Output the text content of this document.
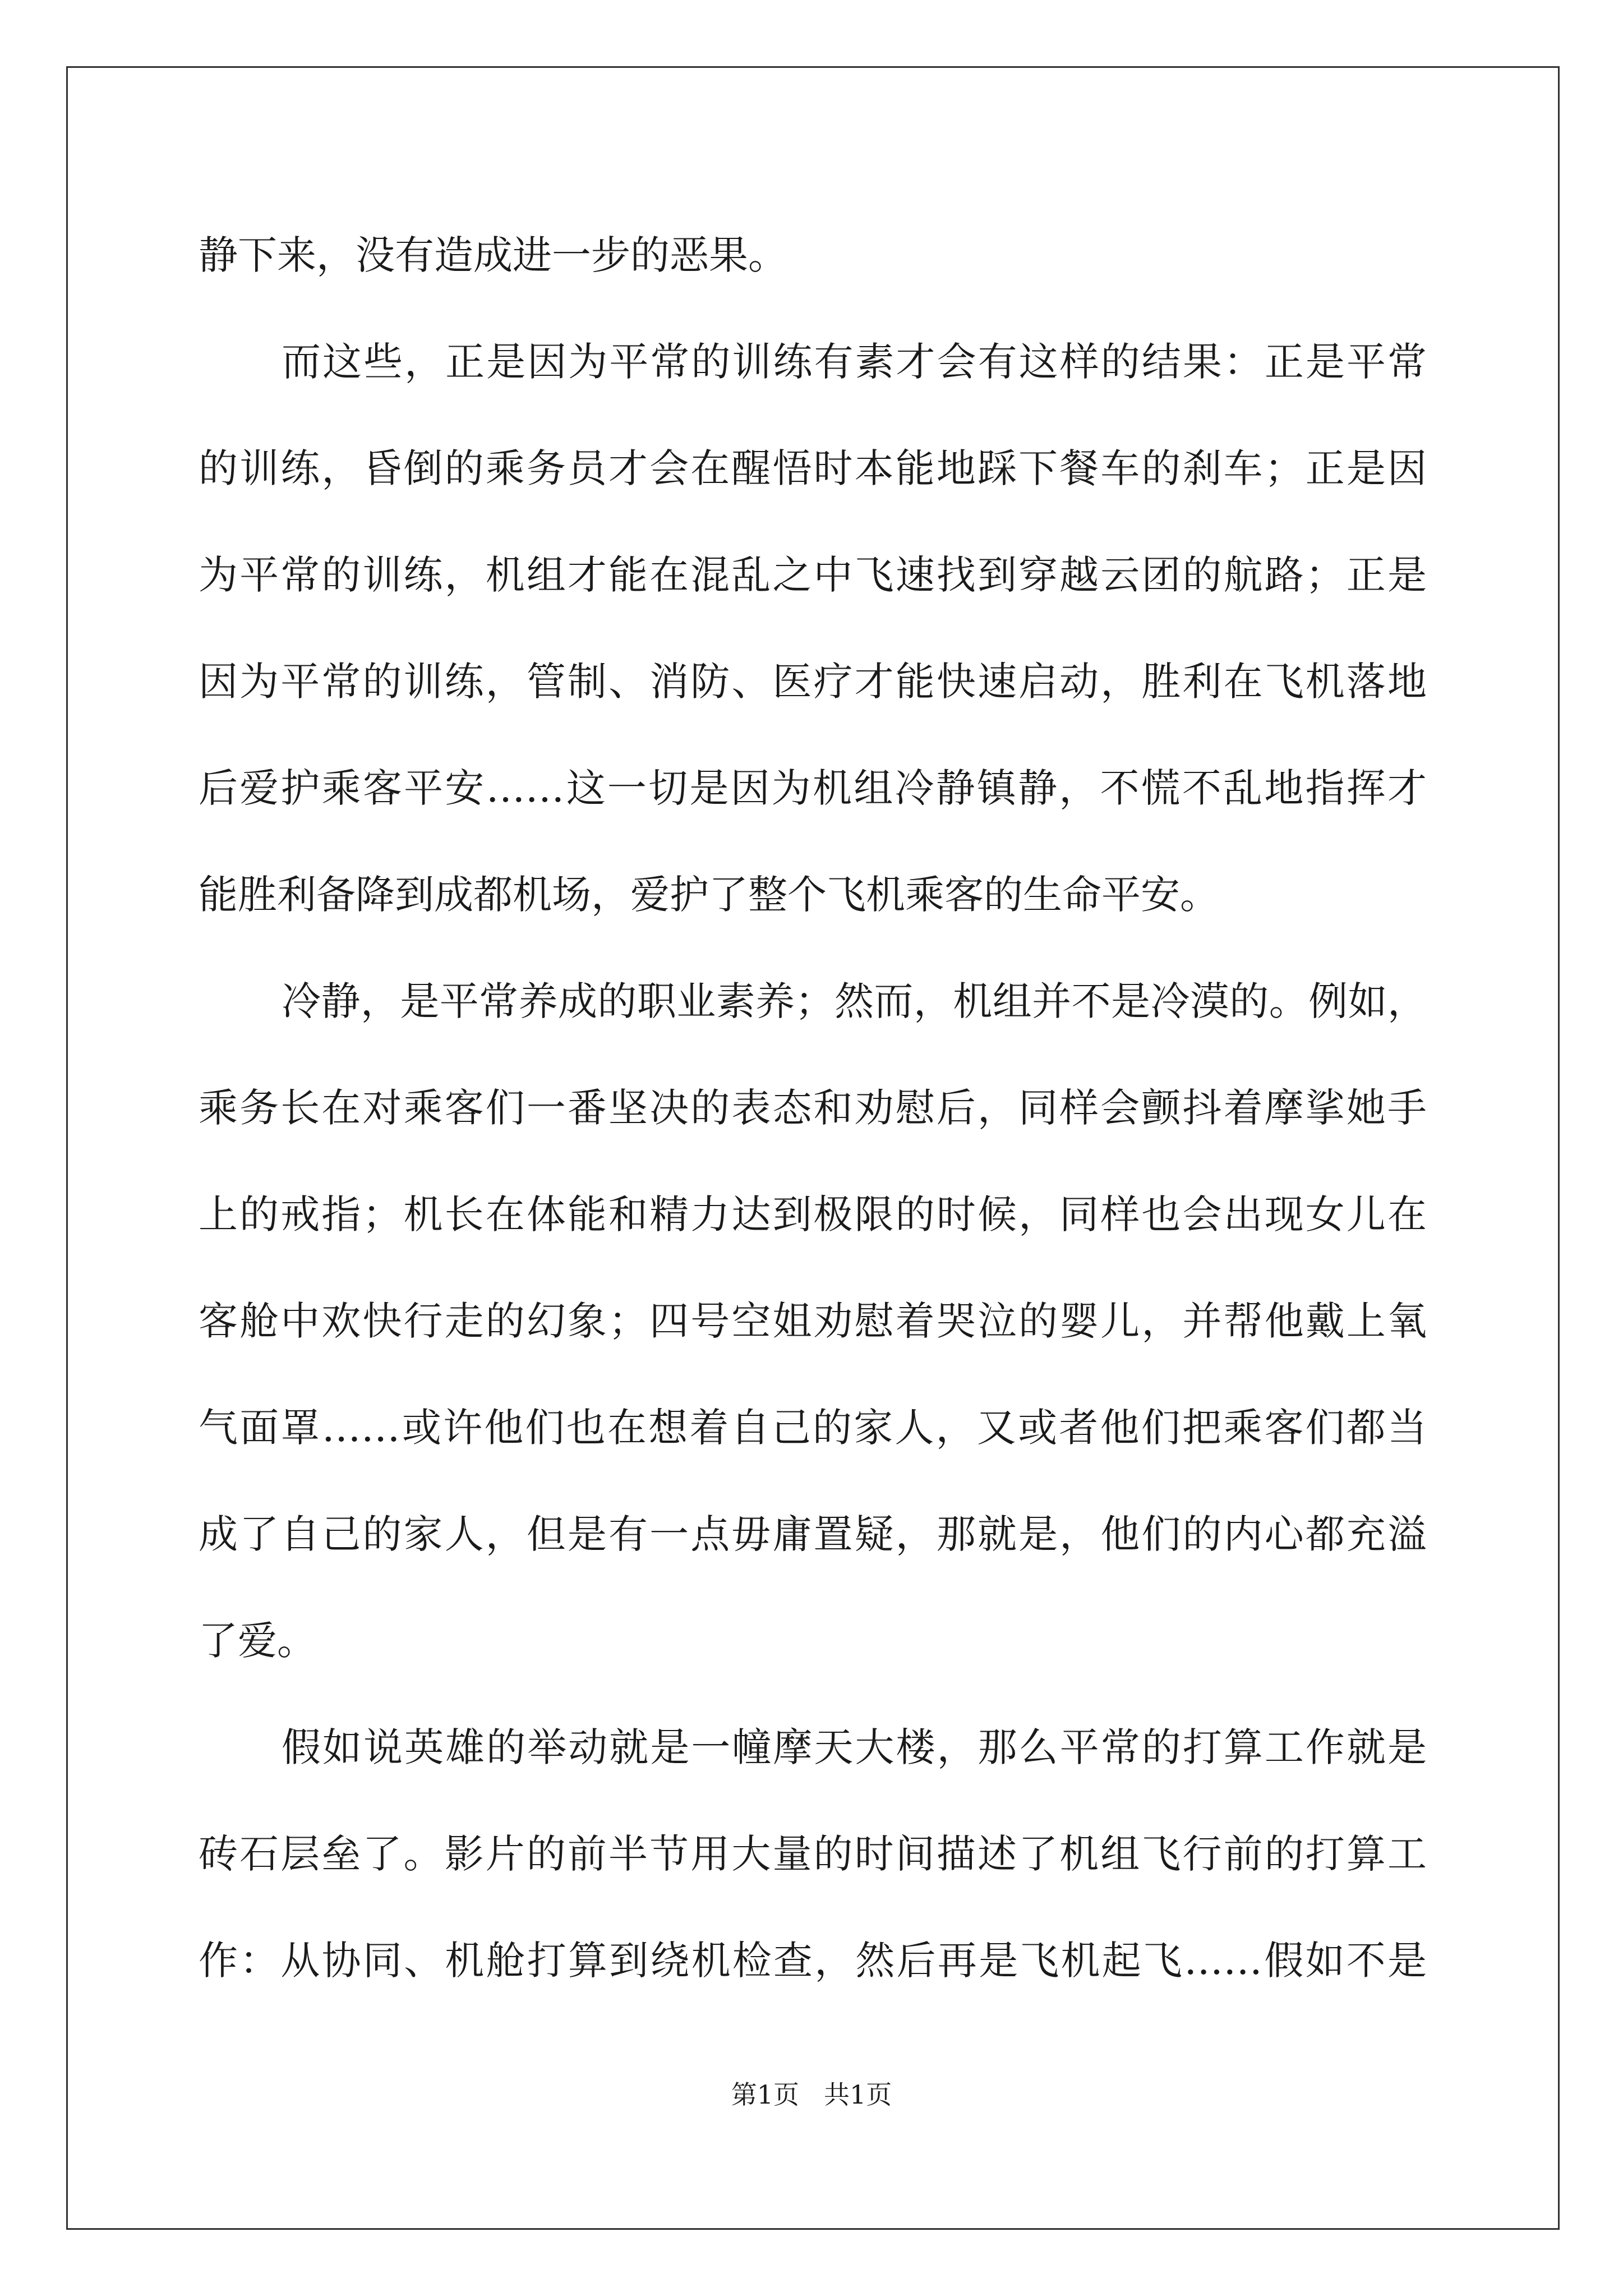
静下来，没有造成进一步的恶果。
而这些，正是因为平常的训练有素才会有这样的结果：正是平常
的训练，昏倒的乘务员才会在醒悟时本能地踩下餐车的刹车；正是因
为平常的训练，机组才能在混乱之中飞速找到穿越云团的航路；正是
因为平常的训练，管制、消防、医疗才能快速启动，胜利在飞机落地
后爱护乘客平安……这一切是因为机组冷静镇静，不慌不乱地指挥才
能胜利备降到成都机场，爱护了整个飞机乘客的生命平安。
冷静，是平常养成的职业素养；然而，机组并不是冷漠的。例如，
乘务长在对乘客们一番坚决的表态和劝慰后，同样会颤抖着摩挲她手
上的戒指；机长在体能和精力达到极限的时候，同样也会出现女儿在
客舱中欢快行走的幻象；四号空姐劝慰着哭泣的婴儿，并帮他戴上氧
气面罩……或许他们也在想着自己的家人，又或者他们把乘客们都当
成了自己的家人，但是有一点毋庸置疑，那就是，他们的内心都充溢
了爱。
假如说英雄的举动就是一幢摩天大楼，那么平常的打算工作就是
砖石层垒了。影片的前半节用大量的时间描述了机组飞行前的打算工
作：从协同、机舱打算到绕机检查，然后再是飞机起飞……假如不是
第1页 共1页
